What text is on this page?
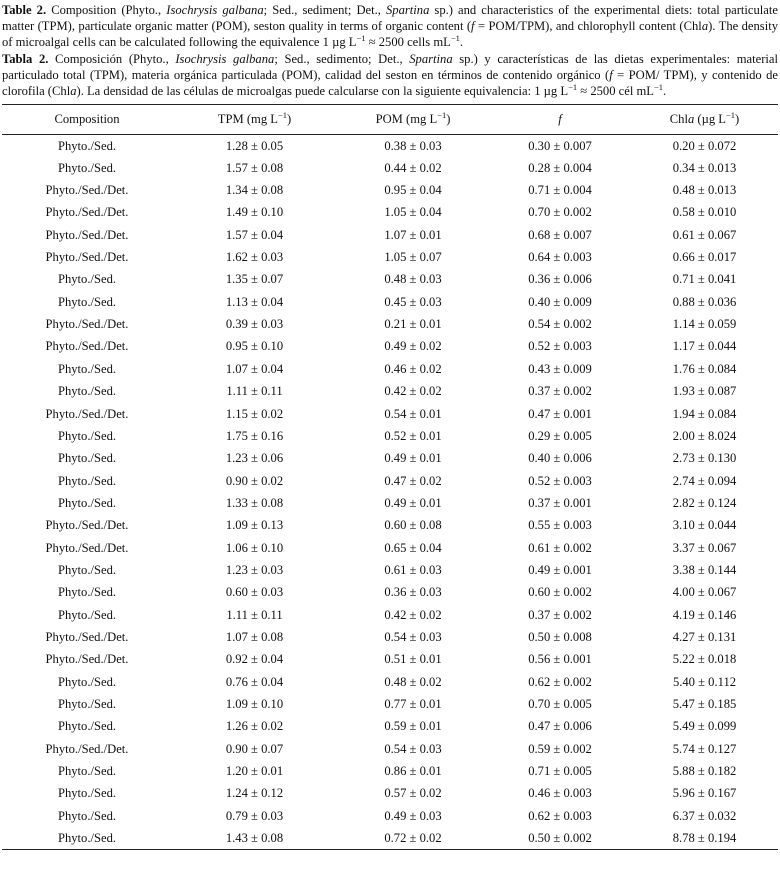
Table 2. Composition (Phyto., Isochrysis galbana; Sed., sediment; Det., Spartina sp.) and characteristics of the experimental diets: total particulate matter (TPM), particulate organic matter (POM), seston quality in terms of organic content (f = POM/TPM), and chlorophyll content (Chla). The density of microalgal cells can be calculated following the equivalence 1 µg $L^{-1} \approx 2500$ cells $mL^{-1}$.

Tabla 2. Composición (Phyto., Isochrysis galbana; Sed., sedimento; Det., Spartina sp.) y características de las dietas experimentales: material particulado total (TPM), materia orgánica particulada (POM), calidad del seston en términos de contenido orgánico (f = POM/ TPM), y contenido de clorofila (Chla). La densidad de las células de microalgas puede calcularse con la siguiente equivalencia: 1 µg $L^{-1} \approx 2500$ cél $mL^{-1}$.

Composition	TPM (mg $L^{-1}$)	POM (mg $L^{-1}$)	f	Chla (µg $L^{-1}$)
Phyto./Sed.	1.28 ± 0.05	0.38 ± 0.03	0.30 ± 0.007	0.20 ± 0.072
Phyto./Sed.	1.57 ± 0.08	0.44 ± 0.02	0.28 ± 0.004	0.34 ± 0.013
Phyto./Sed./Det.	1.34 ± 0.08	0.95 ± 0.04	0.71 ± 0.004	0.48 ± 0.013
Phyto./Sed./Det.	1.49 ± 0.10	1.05 ± 0.04	0.70 ± 0.002	0.58 ± 0.010
Phyto./Sed./Det.	1.57 ± 0.04	1.07 ± 0.01	0.68 ± 0.007	0.61 ± 0.067
Phyto./Sed./Det.	1.62 ± 0.03	1.05 ± 0.07	0.64 ± 0.003	0.66 ± 0.017
Phyto./Sed.	1.35 ± 0.07	0.48 ± 0.03	0.36 ± 0.006	0.71 ± 0.041
Phyto./Sed.	1.13 ± 0.04	0.45 ± 0.03	0.40 ± 0.009	0.88 ± 0.036
Phyto./Sed./Det.	0.39 ± 0.03	0.21 ± 0.01	0.54 ± 0.002	1.14 ± 0.059
Phyto./Sed./Det.	0.95 ± 0.10	0.49 ± 0.02	0.52 ± 0.003	1.17 ± 0.044
Phyto./Sed.	1.07 ± 0.04	0.46 ± 0.02	0.43 ± 0.009	1.76 ± 0.084
Phyto./Sed.	1.11 ± 0.11	0.42 ± 0.02	0.37 ± 0.002	1.93 ± 0.087
Phyto./Sed./Det.	1.15 ± 0.02	0.54 ± 0.01	0.47 ± 0.001	1.94 ± 0.084
Phyto./Sed.	1.75 ± 0.16	0.52 ± 0.01	0.29 ± 0.005	2.00 ± 8.024
Phyto./Sed.	1.23 ± 0.06	0.49 ± 0.01	0.40 ± 0.006	2.73 ± 0.130
Phyto./Sed.	0.90 ± 0.02	0.47 ± 0.02	0.52 ± 0.003	2.74 ± 0.094
Phyto./Sed.	1.33 ± 0.08	0.49 ± 0.01	0.37 ± 0.001	2.82 ± 0.124
Phyto./Sed./Det.	1.09 ± 0.13	0.60 ± 0.08	0.55 ± 0.003	3.10 ± 0.044
Phyto./Sed./Det.	1.06 ± 0.10	0.65 ± 0.04	0.61 ± 0.002	3.37 ± 0.067
Phyto./Sed.	1.23 ± 0.03	0.61 ± 0.03	0.49 ± 0.001	3.38 ± 0.144
Phyto./Sed.	0.60 ± 0.03	0.36 ± 0.03	0.60 ± 0.002	4.00 ± 0.067
Phyto./Sed.	1.11 ± 0.11	0.42 ± 0.02	0.37 ± 0.002	4.19 ± 0.146
Phyto./Sed./Det.	1.07 ± 0.08	0.54 ± 0.03	0.50 ± 0.008	4.27 ± 0.131
Phyto./Sed./Det.	0.92 ± 0.04	0.51 ± 0.01	0.56 ± 0.001	5.22 ± 0.018
Phyto./Sed.	0.76 ± 0.04	0.48 ± 0.02	0.62 ± 0.002	5.40 ± 0.112
Phyto./Sed.	1.09 ± 0.10	0.77 ± 0.01	0.70 ± 0.005	5.47 ± 0.185
Phyto./Sed.	1.26 ± 0.02	0.59 ± 0.01	0.47 ± 0.006	5.49 ± 0.099
Phyto./Sed./Det.	0.90 ± 0.07	0.54 ± 0.03	0.59 ± 0.002	5.74 ± 0.127
Phyto./Sed.	1.20 ± 0.01	0.86 ± 0.01	0.71 ± 0.005	5.88 ± 0.182
Phyto./Sed.	1.24 ± 0.12	0.57 ± 0.02	0.46 ± 0.003	5.96 ± 0.167
Phyto./Sed.	0.79 ± 0.03	0.49 ± 0.03	0.62 ± 0.003	6.37 ± 0.032
Phyto./Sed.	1.43 ± 0.08	0.72 ± 0.02	0.50 ± 0.002	8.78 ± 0.194
